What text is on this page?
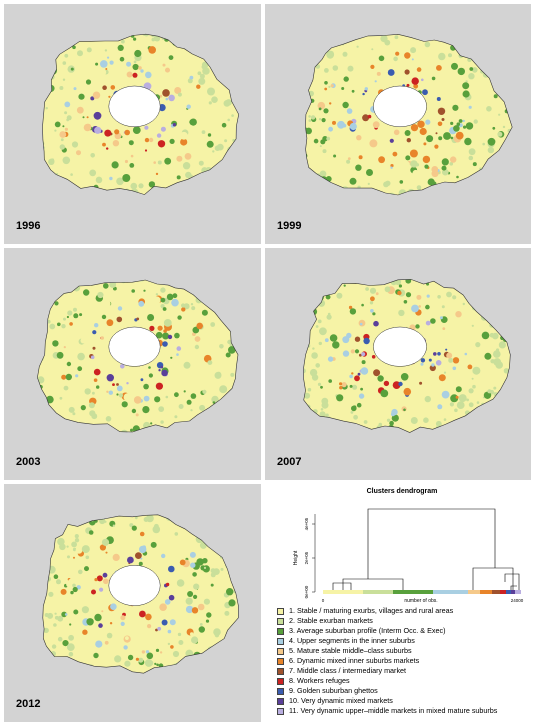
1996	1999
2003	2007
2012
Clusters dendrogram
Height
0e+00
2e+05
4e+05
0	24000
number of obs.
1. Stable / maturing exurbs, villages and rural areas
2. Stable exurban markets
3. Average suburban profile (Interm Occ. & Exec)
4. Upper segments in the inner suburbs
5. Mature stable middle–class suburbs
6. Dynamic mixed inner suburbs markets
7. Middle class / intermediary market
8. Workers refuges
9. Golden suburban ghettos
10. Very dynamic mixed markets
11. Very dynamic upper–middle markets in mixed mature suburbs
